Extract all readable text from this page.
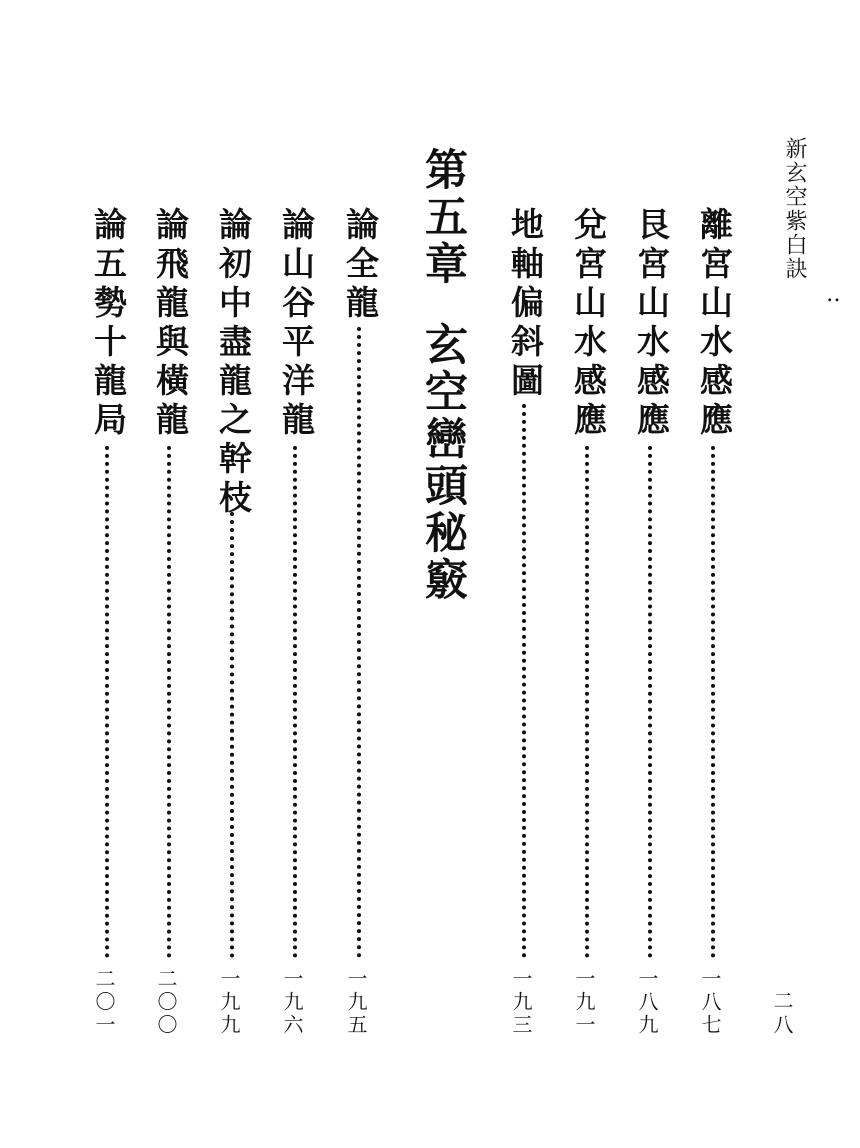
新玄空紫白訣
‥
二八
離宮山水感應
一八七
艮宮山水感應
一八九
兌宮山水感應
一九一
地軸偏斜圖
一九三
第五章
玄空巒頭秘竅
論全龍
一九五
論山谷平洋龍
一九六
論初中盡龍之幹枝
一九九
論飛龍與橫龍
二〇〇
論五勢十龍局
二〇一
